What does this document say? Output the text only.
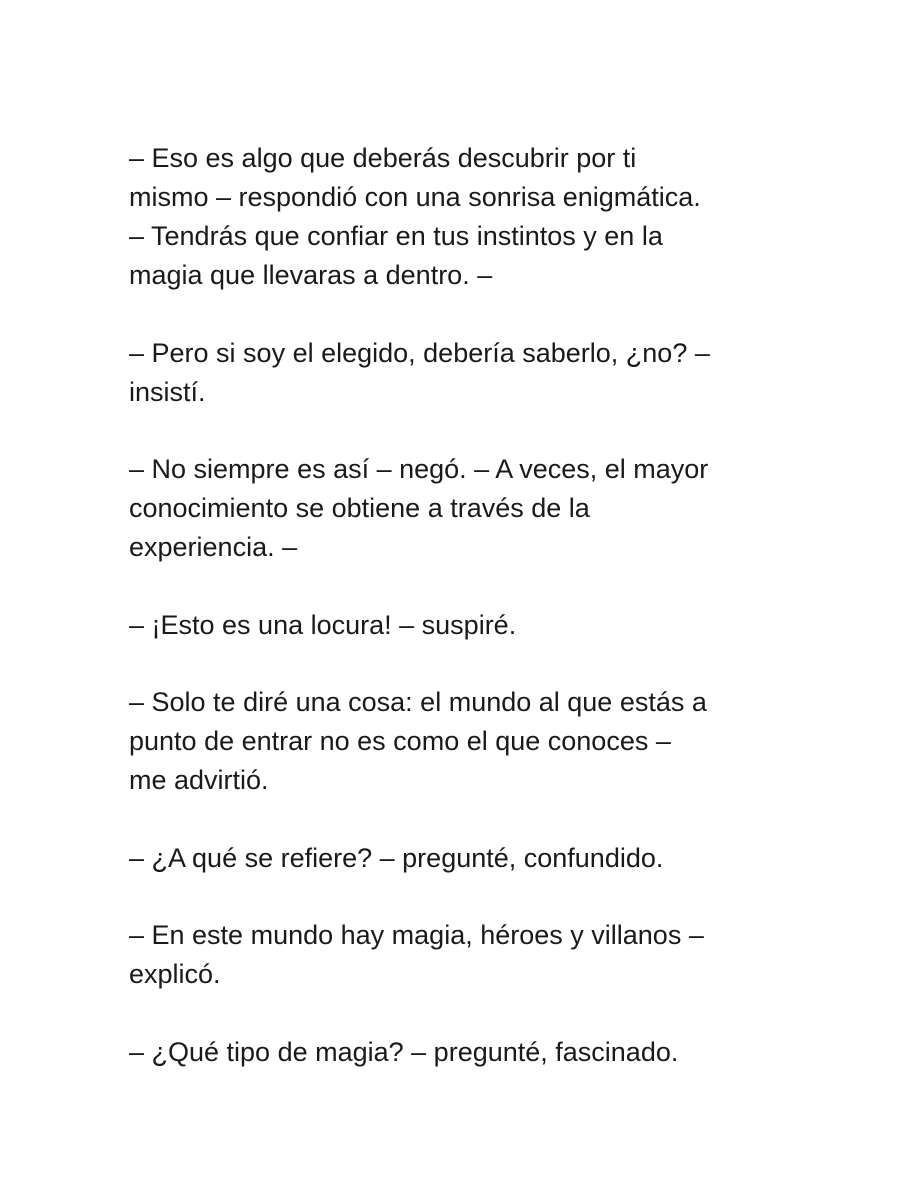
– Eso es algo que deberás descubrir por ti
mismo – respondió con una sonrisa enigmática.
– Tendrás que confiar en tus instintos y en la
magia que llevaras a dentro. –

– Pero si soy el elegido, debería saberlo, ¿no? –
insistí.

– No siempre es así – negó. – A veces, el mayor
conocimiento se obtiene a través de la
experiencia. –

– ¡Esto es una locura! – suspiré.

– Solo te diré una cosa: el mundo al que estás a
punto de entrar no es como el que conoces –
me advirtió.

– ¿A qué se refiere? – pregunté, confundido.

– En este mundo hay magia, héroes y villanos –
explicó.

– ¿Qué tipo de magia? – pregunté, fascinado.
